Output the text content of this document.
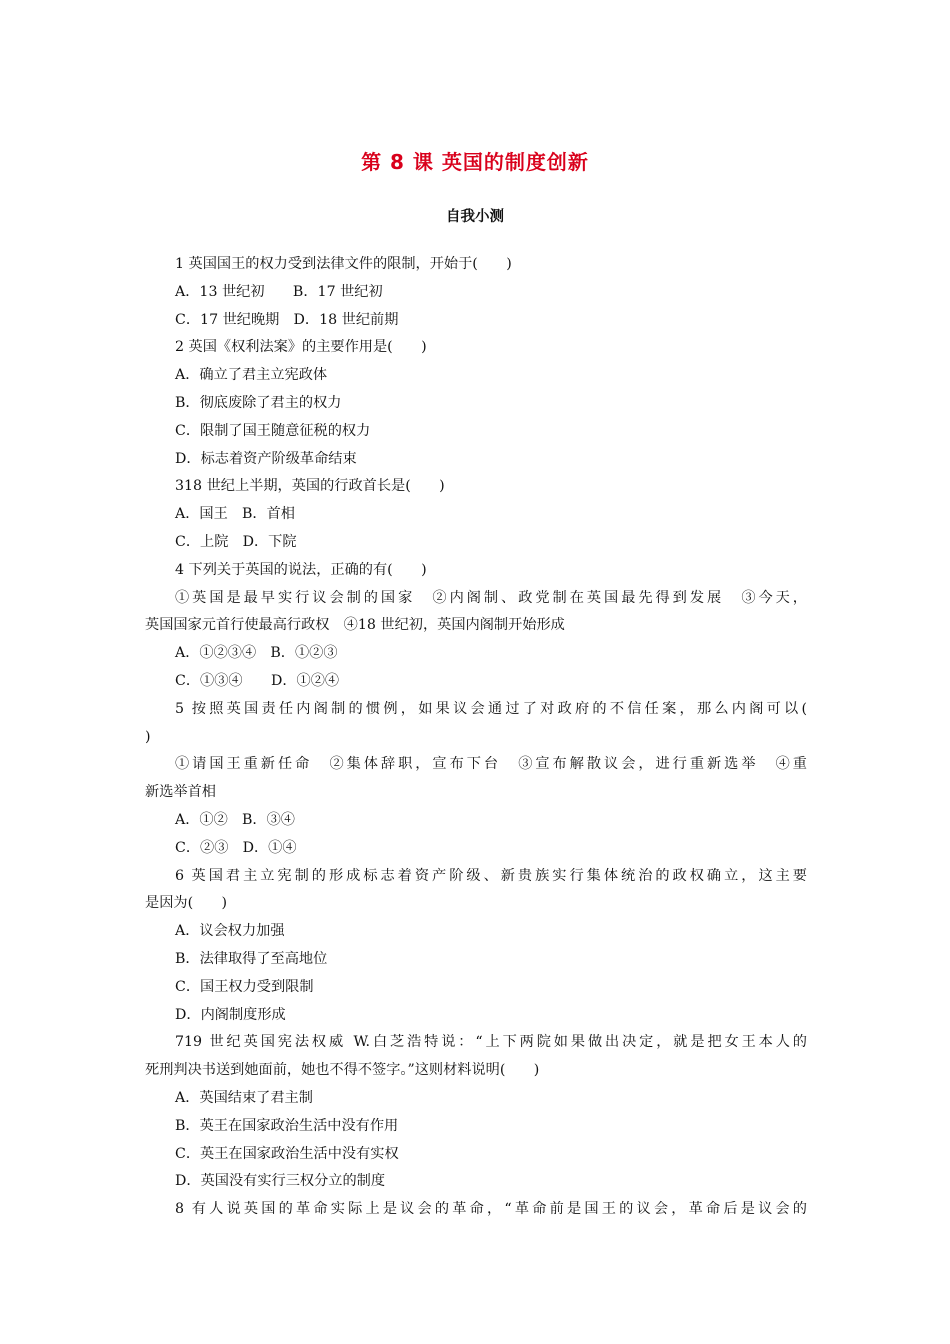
第 8 课 英国的制度创新
自我小测
1 英国国王的权力受到法律文件的限制，开始于(　　)
A．13 世纪初　　B．17 世纪初
C．17 世纪晚期　D．18 世纪前期
2 英国《权利法案》的主要作用是(　　)
A．确立了君主立宪政体
B．彻底废除了君主的权力
C．限制了国王随意征税的权力
D．标志着资产阶级革命结束
318 世纪上半期，英国的行政首长是(　　)
A．国王　B．首相
C．上院　D．下院
4 下列关于英国的说法，正确的有(　　)
①英国是最早实行议会制的国家　②内阁制、政党制在英国最先得到发展　③今天，
英国国家元首行使最高行政权　④18 世纪初，英国内阁制开始形成
A．①②③④　B．①②③
C．①③④　　D．①②④
5 按照英国责任内阁制的惯例，如果议会通过了对政府的不信任案，那么内阁可以(
)
①请国王重新任命　②集体辞职，宣布下台　③宣布解散议会，进行重新选举　④重
新选举首相
A．①②　B．③④
C．②③　D．①④
6 英国君主立宪制的形成标志着资产阶级、新贵族实行集体统治的政权确立，这主要
是因为(　　)
A．议会权力加强
B．法律取得了至高地位
C．国王权力受到限制
D．内阁制度形成
719 世纪英国宪法权威 W.白芝浩特说：“上下两院如果做出决定，就是把女王本人的
死刑判决书送到她面前，她也不得不签字。”这则材料说明(　　)
A．英国结束了君主制
B．英王在国家政治生活中没有作用
C．英王在国家政治生活中没有实权
D．英国没有实行三权分立的制度
8 有人说英国的革命实际上是议会的革命，“革命前是国王的议会，革命后是议会的
